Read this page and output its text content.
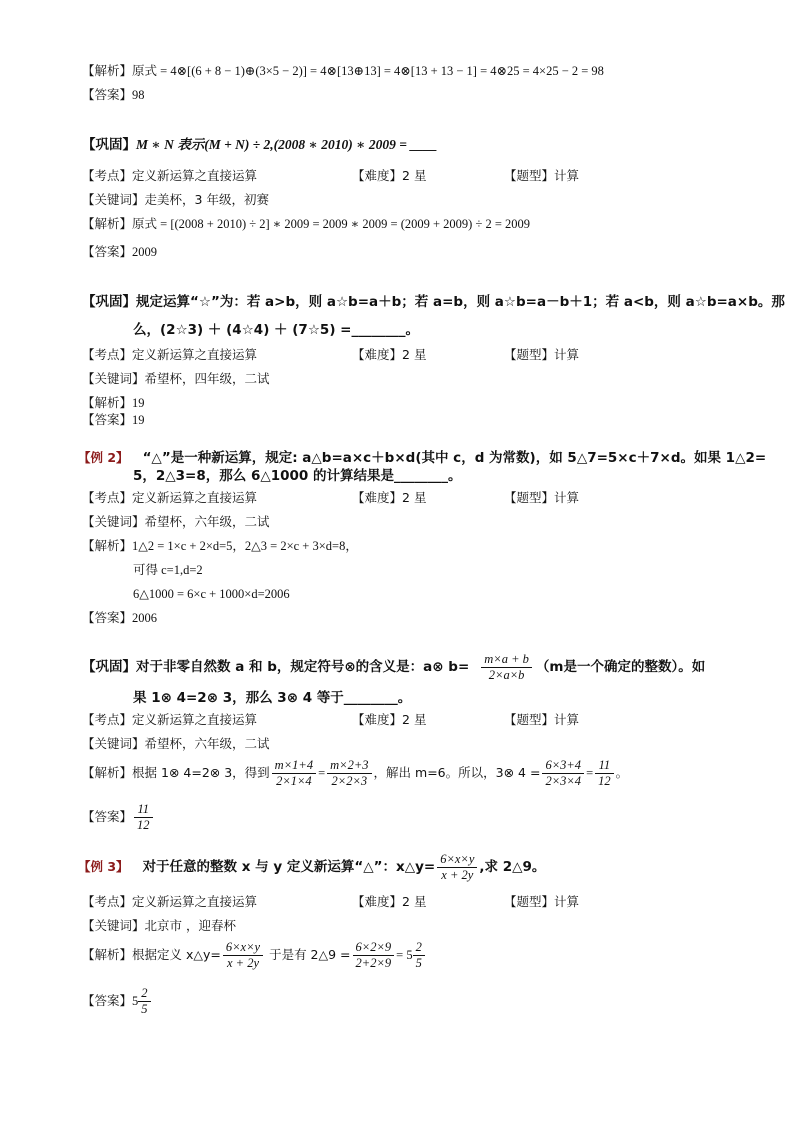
【解析】原式 = 4⊗[(6 + 8 − 1)⊕(3×5 − 2)] = 4⊗[13⊕13] = 4⊗[13 + 13 − 1] = 4⊗25 = 4×25 − 2 = 98
【答案】98
【巩固】M ∗ N 表示(M + N) ÷ 2,(2008 ∗ 2010) ∗ 2009 = ____
【考点】定义新运算之直接运算	【难度】2 星	【题型】计算
【关键词】走美杯，3 年级，初赛
【解析】原式 = [(2008 + 2010) ÷ 2] ∗ 2009 = 2009 ∗ 2009 = (2009 + 2009) ÷ 2 = 2009
【答案】2009
【巩固】规定运算“☆”为：若 a>b，则 a☆b=a＋b；若 a=b，则 a☆b=a－b＋1；若 a<b，则 a☆b=a×b。那
么，(2☆3) ＋ (4☆4) ＋ (7☆5) =________。
【考点】定义新运算之直接运算	【难度】2 星	【题型】计算
【关键词】希望杯，四年级，二试
【解析】19
【答案】19
【例 2】 “△”是一种新运算，规定: a△b=a×c＋b×d(其中 c，d 为常数)，如 5△7=5×c＋7×d。如果 1△2=
5，2△3=8，那么 6△1000 的计算结果是________。
【考点】定义新运算之直接运算	【难度】2 星	【题型】计算
【关键词】希望杯，六年级，二试
【解析】1△2 = 1×c + 2×d=5，2△3 = 2×c + 3×d=8，
可得 c=1,d=2
6△1000 = 6×c + 1000×d=2006
【答案】2006
【巩固】对于非零自然数 a 和 b，规定符号⊗的含义是：a⊗ $b= \frac{m\times a + b}{2\times a\times b} (m$是一个确定的整数）。如
果 1⊗ 4=2⊗ 3，那么 3⊗ 4 等于________。
【考点】定义新运算之直接运算	【难度】2 星	【题型】计算
【关键词】希望杯，六年级，二试
【解析】根据 1⊗ 4=2⊗ 3，得到 $\frac{m\times 1+4}{2\times 1\times 4} = \frac{m\times 2+3}{2\times 2\times 3}$ ，解出 m=6。所以，3⊗ $4 = \frac{6\times 3+4}{2\times 3\times 4} = \frac{11}{12}$ 。
【答案】 $\frac{11}{12}$
【例 3】 对于任意的整数 x 与 y 定义新运算“△”：x△y= $\frac{6\times x\times y}{x + 2y}$ ,求 2△9。
【考点】定义新运算之直接运算	【难度】2 星	【题型】计算
【关键词】北京市 ，迎春杯
【解析】根据定义 x△y= $\frac{6\times x\times y}{x + 2y}$ 于是有 2△9 = $\frac{6\times 2\times 9}{2+2\times 9} = 5 \frac{2}{5}$
【答案】$5 \frac{2}{5}$
